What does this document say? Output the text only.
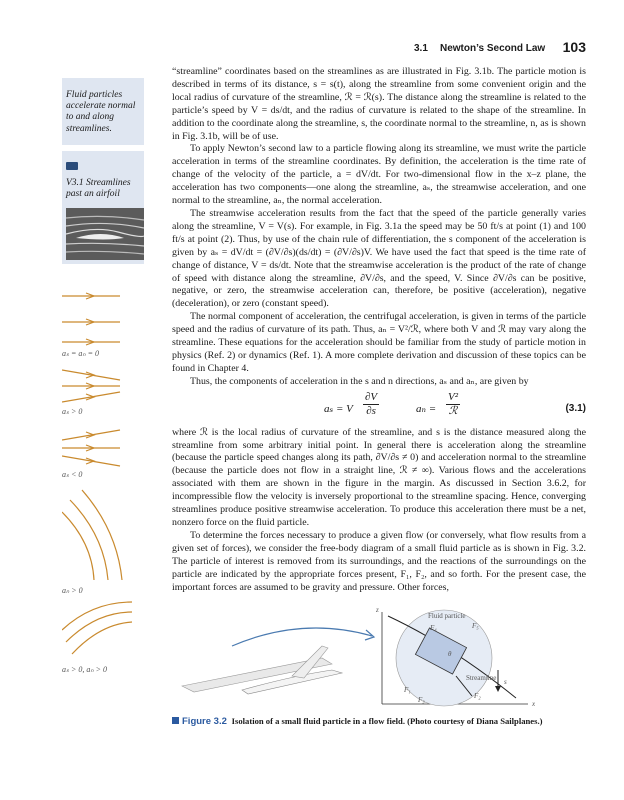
3.1 Newton’s Second Law 103
Fluid particles accelerate normal to and along streamlines.
V3.1 Streamlines past an airfoil

“streamline” coordinates based on the streamlines as are illustrated in Fig. 3.1b. The particle motion is described in terms of its distance, s = s(t), along the streamline from some convenient origin and the local radius of curvature of the streamline, ℛ = ℛ(s). The distance along the streamline is related to the particle’s speed by V = ds/dt, and the radius of curvature is related to the shape of the streamline. In addition to the coordinate along the streamline, s, the coordinate normal to the streamline, n, as is shown in Fig. 3.1b, will be of use.

To apply Newton’s second law to a particle flowing along its streamline, we must write the particle acceleration in terms of the streamline coordinates. By definition, the acceleration is the time rate of change of the velocity of the particle, a = dV/dt. For two-dimensional flow in the x–z plane, the acceleration has two components—one along the streamline, aₛ, the streamwise acceleration, and one normal to the streamline, aₙ, the normal acceleration.

The streamwise acceleration results from the fact that the speed of the particle generally varies along the streamline, V = V(s). For example, in Fig. 3.1a the speed may be 50 ft/s at point (1) and 100 ft/s at point (2). Thus, by use of the chain rule of differentiation, the s component of the acceleration is given by aₛ = dV/dt = (∂V/∂s)(ds/dt) = (∂V/∂s)V. We have used the fact that speed is the time rate of change of distance, V = ds/dt. Note that the streamwise acceleration is the product of the rate of change of speed with distance along the streamline, ∂V/∂s, and the speed, V. Since ∂V/∂s can be positive, negative, or zero, the streamwise acceleration can, therefore, be positive (acceleration), negative (deceleration), or zero (constant speed).

The normal component of acceleration, the centrifugal acceleration, is given in terms of the particle speed and the radius of curvature of its path. Thus, aₙ = V²/ℛ, where both V and ℛ may vary along the streamline. These equations for the acceleration should be familiar from the study of particle motion in physics (Ref. 2) or dynamics (Ref. 1). A more complete derivation and discussion of these topics can be found in Chapter 4.

Thus, the components of acceleration in the s and n directions, aₛ and aₙ, are given by

aₛ = V $\frac{\partial V}{\partial s}$	aₙ =
V²
ℛ	(3.1)

where ℛ is the local radius of curvature of the streamline, and s is the distance measured along the streamline from some arbitrary initial point. In general there is acceleration along the streamline (because the particle speed changes along its path, ∂V/∂s ≠ 0) and acceleration normal to the streamline (because the particle does not flow in a straight line, ℛ ≠ ∞). Various flows and the accelerations associated with them are shown in the figure in the margin. As discussed in Section 3.6.2, for incompressible flow the velocity is inversely proportional to the streamline spacing. Hence, converging streamlines produce positive streamwise acceleration. To produce this acceleration there must be a net, nonzero force on the fluid particle.

To determine the forces necessary to produce a given flow (or conversely, what flow results from a given set of forces), we consider the free-body diagram of a small fluid particle as is shown in Fig. 3.2. The particle of interest is removed from its surroundings, and the reactions of the surroundings on the particle are indicated by the appropriate forces present, F₁, F₂, and so forth. For the present case, the important forces are assumed to be gravity and pressure. Other forces,

aₛ = aₙ = 0
aₛ > 0
aₛ < 0
aₙ > 0
aₛ > 0, aₙ > 0
z
x
Fluid particle
Streamline s
θ
F₁
F₂
F₃
F₄	F₅
Figure 3.2 Isolation of a small fluid particle in a flow field. (Photo courtesy of Diana Sailplanes.)
